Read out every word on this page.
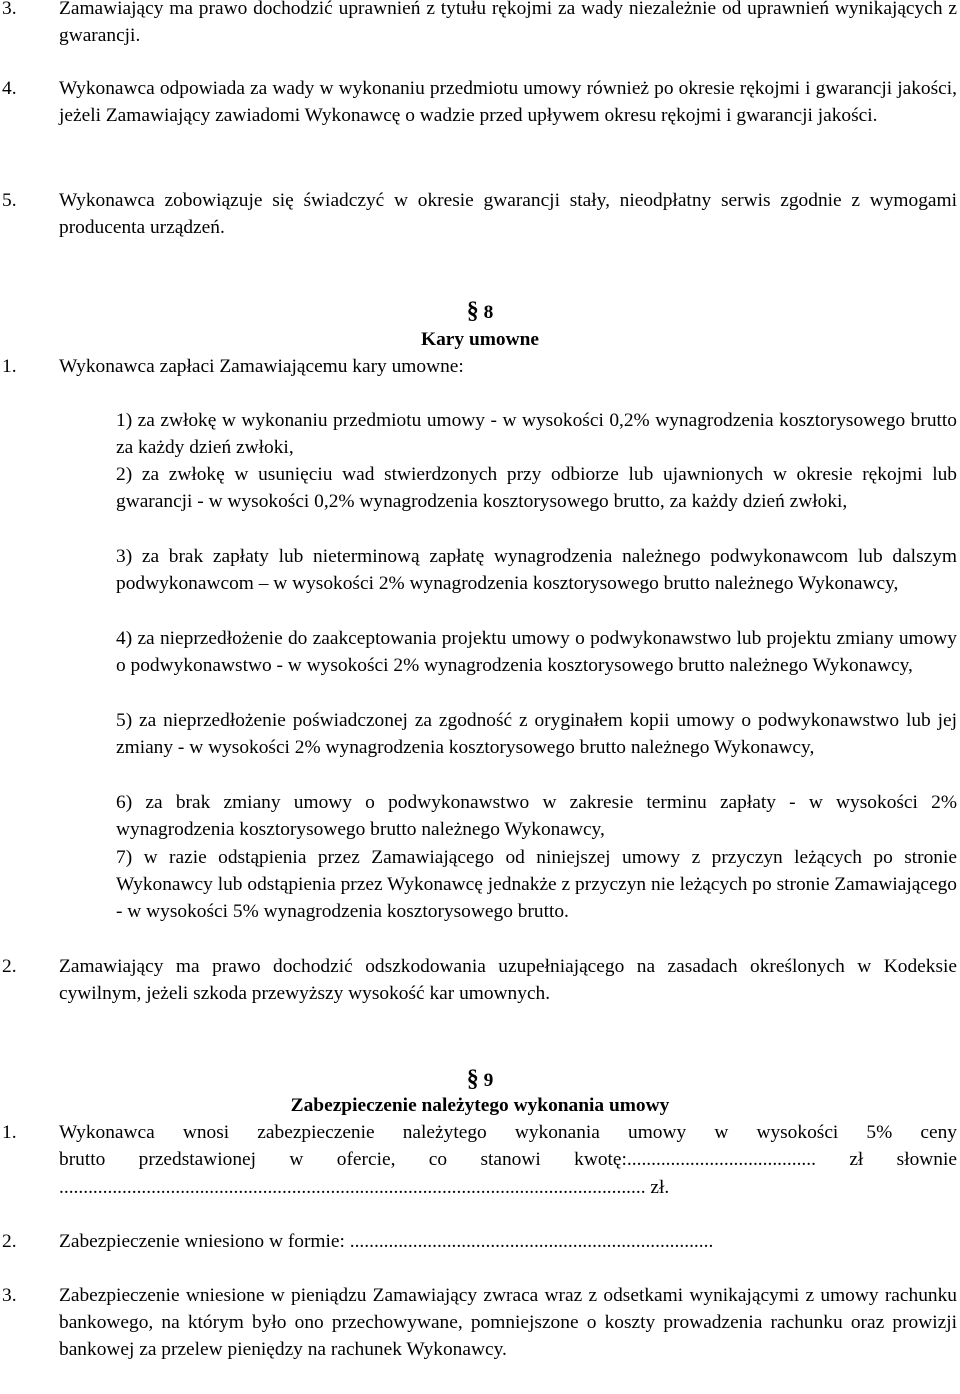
3. Zamawiający ma prawo dochodzić uprawnień z tytułu rękojmi za wady niezależnie od uprawnień wynikających z gwarancji.
4. Wykonawca odpowiada za wady w wykonaniu przedmiotu umowy również po okresie rękojmi i gwarancji jakości, jeżeli Zamawiający zawiadomi Wykonawcę o wadzie przed upływem okresu rękojmi i gwarancji jakości.
5. Wykonawca zobowiązuje się świadczyć w okresie gwarancji stały, nieodpłatny serwis zgodnie z wymogami producenta urządzeń.
§ 8
Kary umowne
1. Wykonawca zapłaci Zamawiającemu kary umowne:
1) za zwłokę w wykonaniu przedmiotu umowy - w wysokości 0,2% wynagrodzenia kosztorysowego brutto za każdy dzień zwłoki,
2) za zwłokę w usunięciu wad stwierdzonych przy odbiorze lub ujawnionych w okresie rękojmi lub gwarancji - w wysokości 0,2% wynagrodzenia kosztorysowego brutto, za każdy dzień zwłoki,
3) za brak zapłaty lub nieterminową zapłatę wynagrodzenia należnego podwykonawcom lub dalszym podwykonawcom – w wysokości 2% wynagrodzenia kosztorysowego brutto należnego Wykonawcy,
4) za nieprzedłożenie do zaakceptowania projektu umowy o podwykonawstwo lub projektu zmiany umowy o podwykonawstwo - w wysokości 2% wynagrodzenia kosztorysowego brutto należnego Wykonawcy,
5) za nieprzedłożenie poświadczonej za zgodność z oryginałem kopii umowy o podwykonawstwo lub jej zmiany - w wysokości 2% wynagrodzenia kosztorysowego brutto należnego Wykonawcy,
6) za brak zmiany umowy o podwykonawstwo w zakresie terminu zapłaty - w wysokości 2% wynagrodzenia kosztorysowego brutto należnego Wykonawcy,
7) w razie odstąpienia przez Zamawiającego od niniejszej umowy z przyczyn leżących po stronie Wykonawcy lub odstąpienia przez Wykonawcę jednakże z przyczyn nie leżących po stronie Zamawiającego - w wysokości 5% wynagrodzenia kosztorysowego brutto.
2. Zamawiający ma prawo dochodzić odszkodowania uzupełniającego na zasadach określonych w Kodeksie cywilnym, jeżeli szkoda przewyższy wysokość kar umownych.
§ 9
Zabezpieczenie należytego wykonania umowy
1. Wykonawca wnosi zabezpieczenie należytego wykonania umowy w wysokości 5% ceny
brutto przedstawionej w ofercie, co stanowi kwotę:....................................... zł słownie
......................................................................................................................... zł.
2. Zabezpieczenie wniesiono w formie: ...........................................................................
3. Zabezpieczenie wniesione w pieniądzu Zamawiający zwraca wraz z odsetkami wynikającymi z umowy rachunku bankowego, na którym było ono przechowywane, pomniejszone o koszty prowadzenia rachunku oraz prowizji bankowej za przelew pieniędzy na rachunek Wykonawcy.
